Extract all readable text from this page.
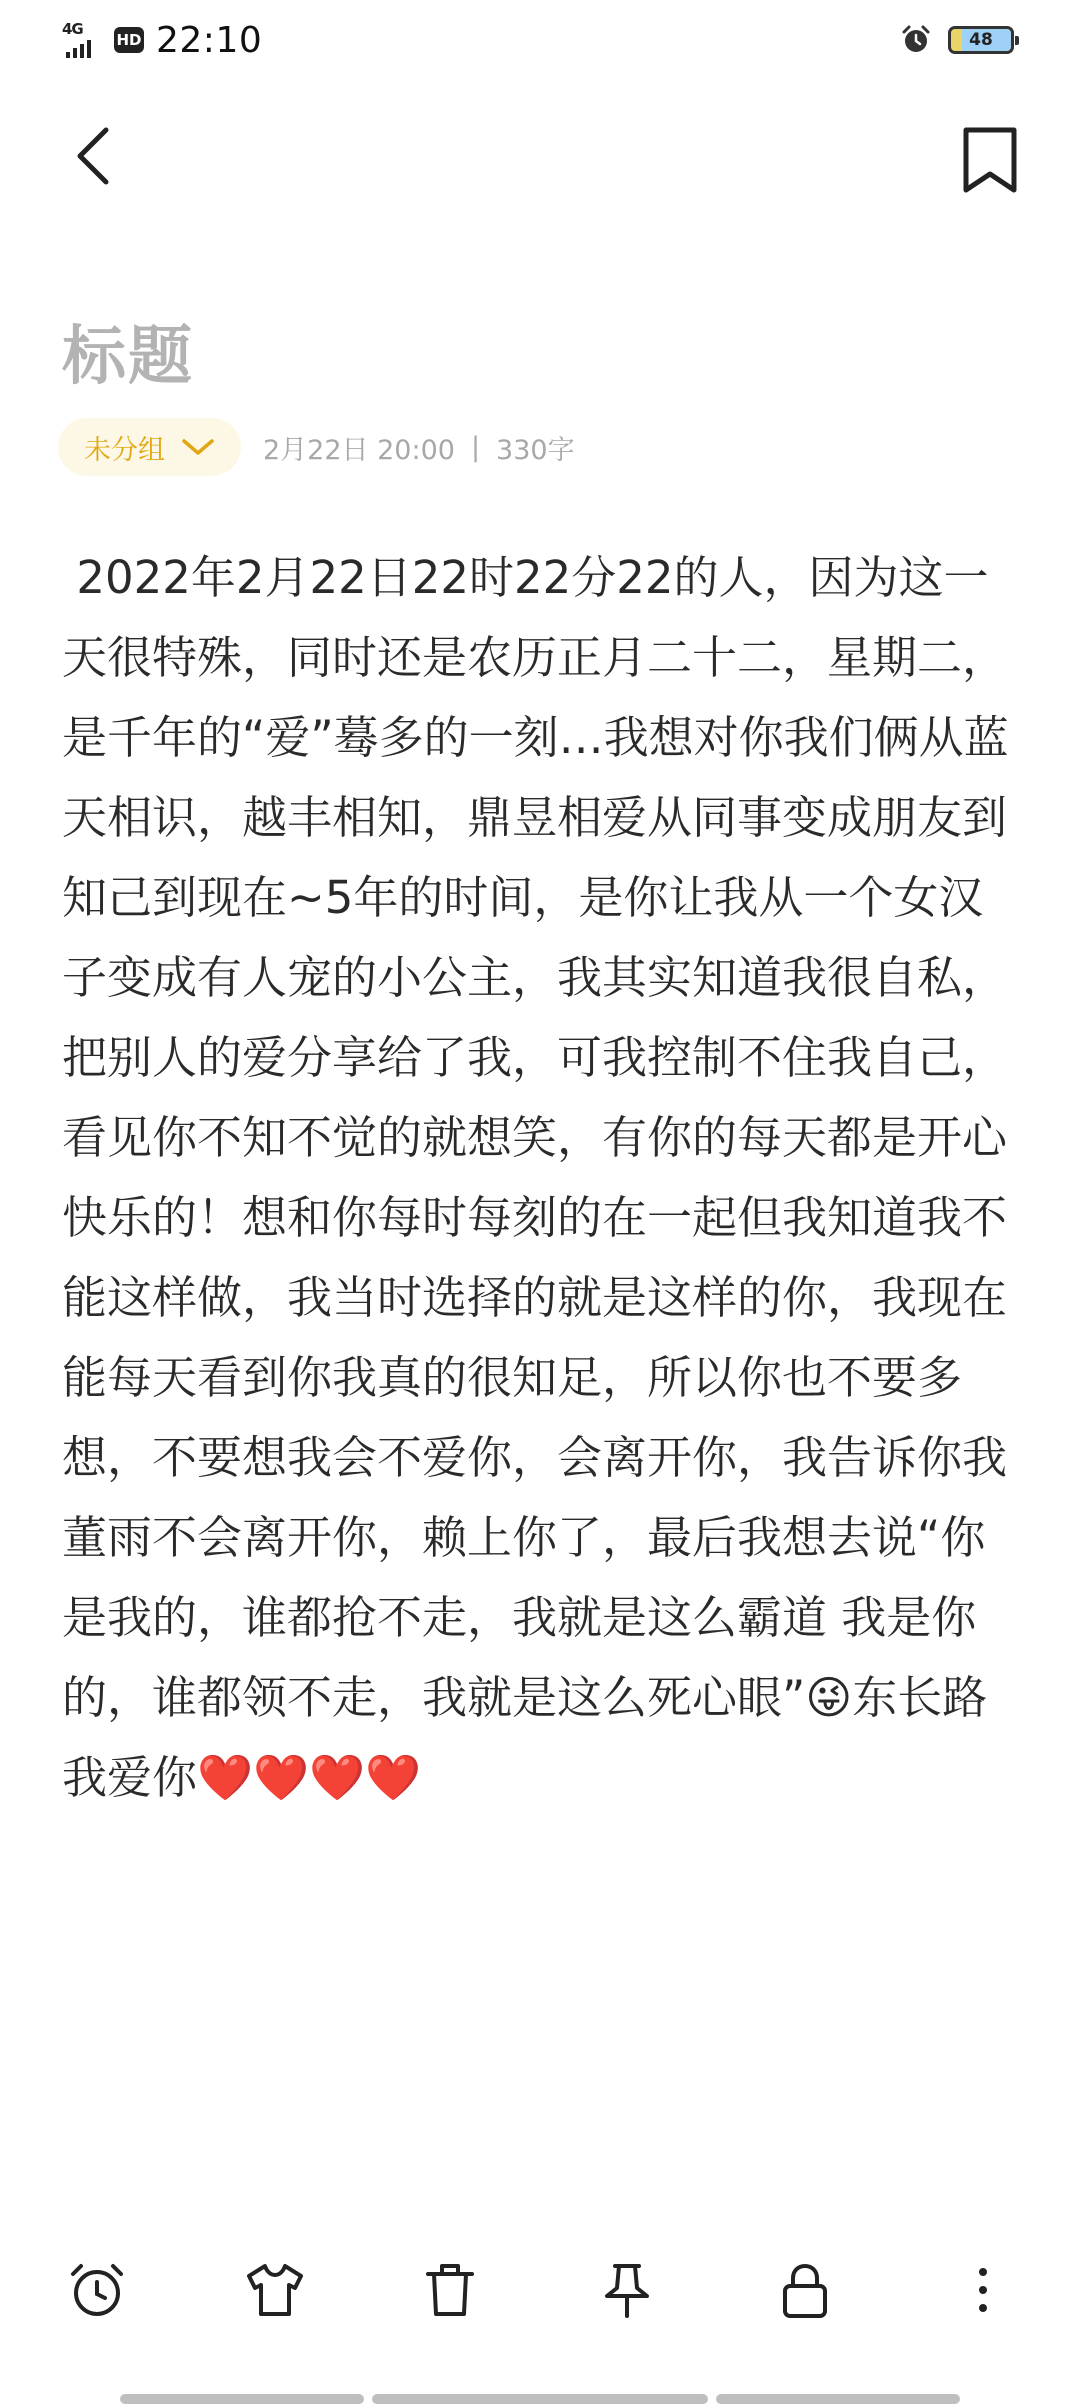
4G
HD 22:10	48
标题
未分组	2月22日 20:00 | 330字
2022年2月22日22时22分22的人，因为这一天很特殊，同时还是农历正月二十二，星期二，是千年的“爱”蓦多的一刻…我想对你我们俩从蓝天相识，越丰相知，鼎昱相爱从同事变成朋友到知己到现在~5年的时间，是你让我从一个女汉子变成有人宠的小公主，我其实知道我很自私，把别人的爱分享给了我，可我控制不住我自己，看见你不知不觉的就想笑，有你的每天都是开心快乐的！想和你每时每刻的在一起但我知道我不能这样做，我当时选择的就是这样的你，我现在能每天看到你我真的很知足，所以你也不要多想，不要想我会不爱你，会离开你，我告诉你我董雨不会离开你，赖上你了，最后我想去说“你是我的，谁都抢不走，我就是这么霸道 我是你的，谁都领不走，我就是这么死心眼”😜东长路我爱你❤️❤️❤️❤️
